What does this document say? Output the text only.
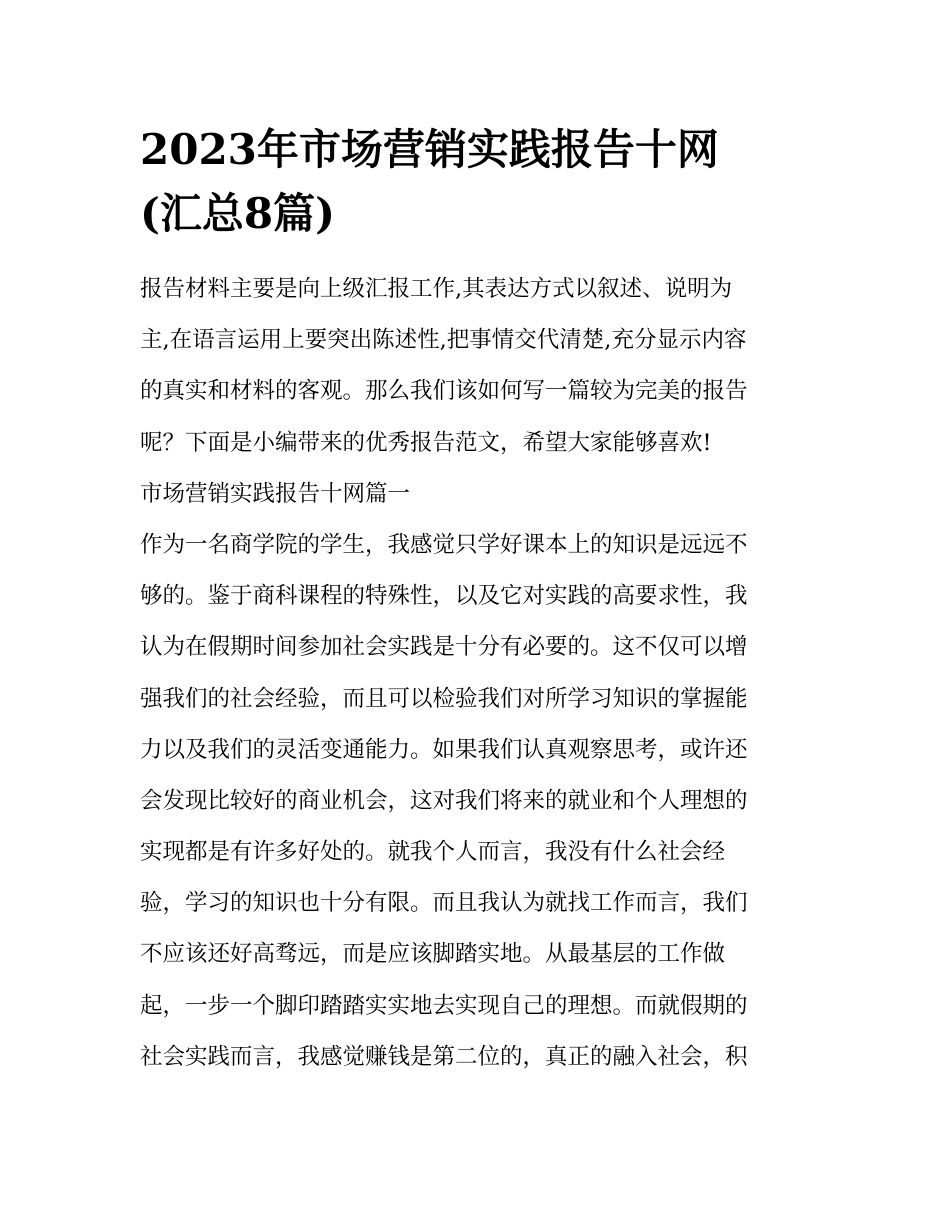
2023年市场营销实践报告十网
(汇总8篇)
报告材料主要是向上级汇报工作,其表达方式以叙述、说明为
主,在语言运用上要突出陈述性,把事情交代清楚,充分显示内容
的真实和材料的客观。那么我们该如何写一篇较为完美的报告
呢？下面是小编带来的优秀报告范文，希望大家能够喜欢!
市场营销实践报告十网篇一
作为一名商学院的学生，我感觉只学好课本上的知识是远远不
够的。鉴于商科课程的特殊性，以及它对实践的高要求性，我
认为在假期时间参加社会实践是十分有必要的。这不仅可以增
强我们的社会经验，而且可以检验我们对所学习知识的掌握能
力以及我们的灵活变通能力。如果我们认真观察思考，或许还
会发现比较好的商业机会，这对我们将来的就业和个人理想的
实现都是有许多好处的。就我个人而言，我没有什么社会经
验，学习的知识也十分有限。而且我认为就找工作而言，我们
不应该还好高骛远，而是应该脚踏实地。从最基层的工作做
起，一步一个脚印踏踏实实地去实现自己的理想。而就假期的
社会实践而言，我感觉赚钱是第二位的，真正的融入社会，积
